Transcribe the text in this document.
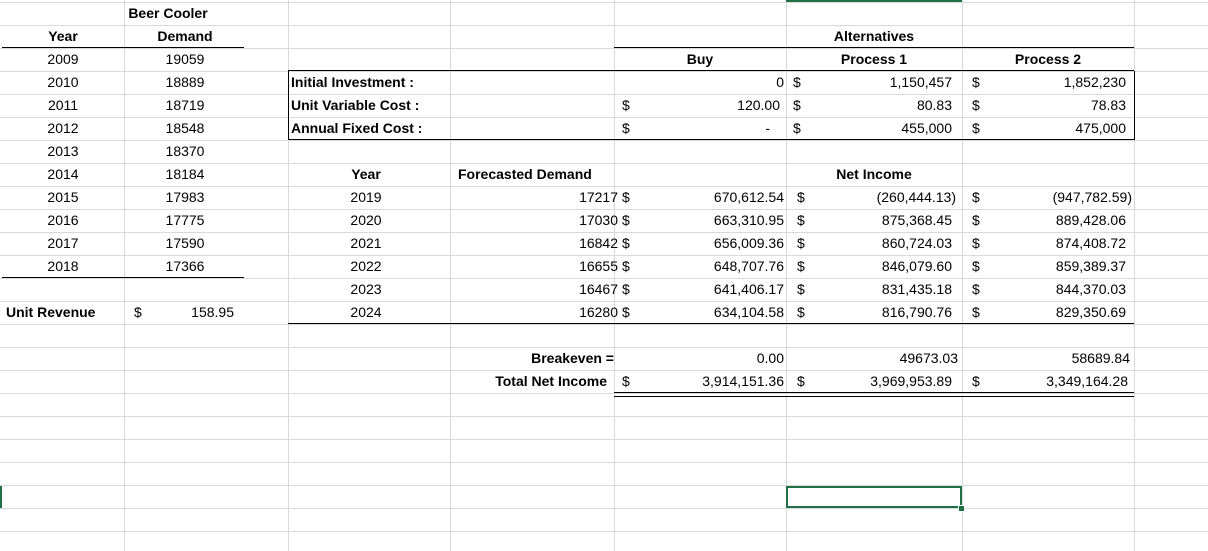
Beer Cooler
Year	Demand
2009	19059
2010	18889
2011	18719
2012	18548
2013	18370
2014	18184
2015	17983
2016	17775
2017	17590
2018	17366
Unit Revenue	$	158.95
Alternatives
Buy	Process 1	Process 2
Initial Investment :	0 $	1,150,457 $	1,852,230
Unit Variable Cost :	$	120.00 $	80.83 $	78.83
Annual Fixed Cost :	$	- $	455,000 $	475,000
Year	Forecasted Demand	Net Income
2019	17217 $	670,612.54 $	(260,444.13) $	(947,782.59)
2020	17030 $	663,310.95 $	875,368.45 $	889,428.06
2021	16842 $	656,009.36 $	860,724.03 $	874,408.72
2022	16655 $	648,707.76 $	846,079.60 $	859,389.37
2023	16467 $	641,406.17 $	831,435.18 $	844,370.03
2024	16280 $	634,104.58 $	816,790.76 $	829,350.69
Breakeven =	0.00	49673.03	58689.84
Total Net Income $	3,914,151.36 $	3,969,953.89 $	3,349,164.28
